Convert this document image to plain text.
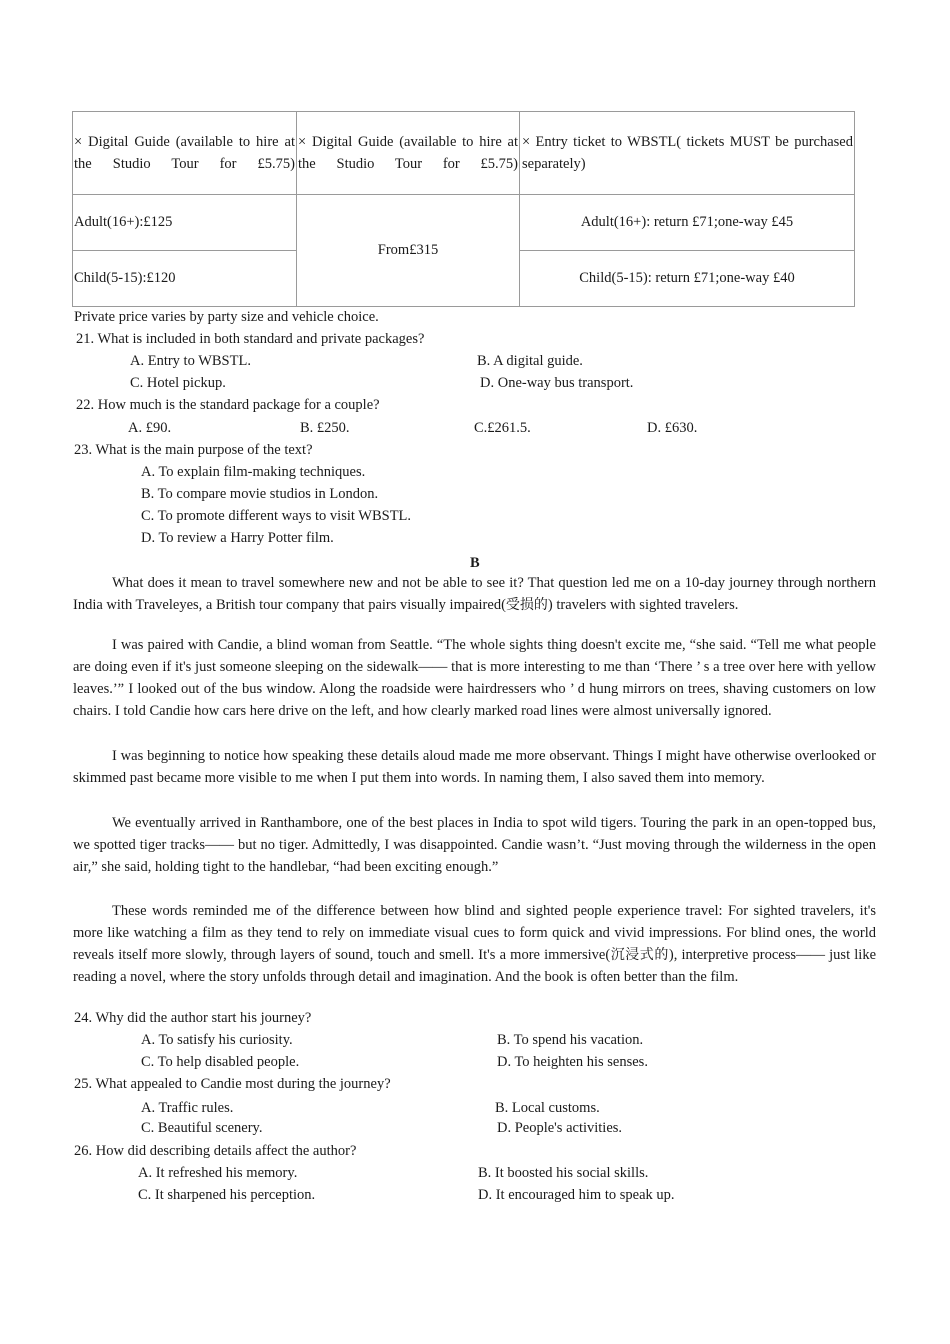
× Digital Guide (available to hire at the Studio Tour for £5.75)	× Digital Guide (available to hire at the Studio Tour for £5.75)	× Entry ticket to WBSTL( tickets MUST be purchased separately)
Adult(16+):£125	From£315	Adult(16+): return £71;one-way £45
Child(5-15):£120		Child(5-15): return £71;one-way £40
Private price varies by party size and vehicle choice.
21. What is included in both standard and private packages?
A. Entry to WBSTL.	B. A digital guide.
C. Hotel pickup.	D. One-way bus transport.
22. How much is the standard package for a couple?
A. £90.	B. £250.	C.£261.5.	D. £630.
23. What is the main purpose of the text?
A. To explain film-making techniques.
B. To compare movie studios in London.
C. To promote different ways to visit WBSTL.
D. To review a Harry Potter film.
B
What does it mean to travel somewhere new and not be able to see it? That question led me on a 10-day journey through northern India with Traveleyes, a British tour company that pairs visually impaired(受损的) travelers with sighted travelers.
I was paired with Candie, a blind woman from Seattle. “The whole sights thing doesn't excite me, “she said. “Tell me what people are doing even if it's just someone sleeping on the sidewalk—— that is more interesting to me than ‘There ’ s a tree over here with yellow leaves.’” I looked out of the bus window. Along the roadside were hairdressers who ’ d hung mirrors on trees, shaving customers on low chairs. I told Candie how cars here drive on the left, and how clearly marked road lines were almost universally ignored.
I was beginning to notice how speaking these details aloud made me more observant. Things I might have otherwise overlooked or skimmed past became more visible to me when I put them into words. In naming them, I also saved them into memory.
We eventually arrived in Ranthambore, one of the best places in India to spot wild tigers. Touring the park in an open-topped bus, we spotted tiger tracks—— but no tiger. Admittedly, I was disappointed. Candie wasn’t. “Just moving through the wilderness in the open air,” she said, holding tight to the handlebar, “had been exciting enough.”
These words reminded me of the difference between how blind and sighted people experience travel: For sighted travelers, it's more like watching a film as they tend to rely on immediate visual cues to form quick and vivid impressions. For blind ones, the world reveals itself more slowly, through layers of sound, touch and smell. It's a more immersive(沉浸式的), interpretive process—— just like reading a novel, where the story unfolds through detail and imagination. And the book is often better than the film.
24. Why did the author start his journey?
A. To satisfy his curiosity.	B. To spend his vacation.
C. To help disabled people.	D. To heighten his senses.
25. What appealed to Candie most during the journey?
A. Traffic rules.	B. Local customs.
C. Beautiful scenery.	D. People's activities.
26. How did describing details affect the author?
A. It refreshed his memory.	B. It boosted his social skills.
C. It sharpened his perception.	D. It encouraged him to speak up.
